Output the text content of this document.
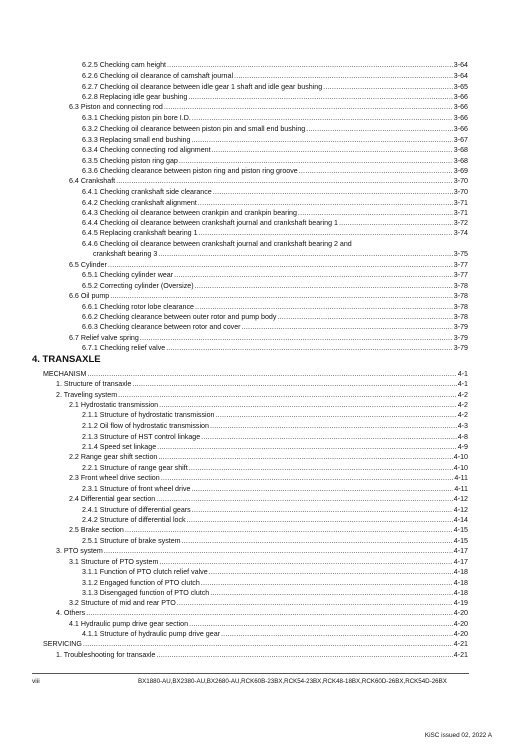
6.2.5 Checking cam height .....	3-64
6.2.6 Checking oil clearance of camshaft journal .....	3-64
6.2.7 Checking oil clearance between idle gear 1 shaft and idle gear bushing .....	3-65
6.2.8 Replacing idle gear bushing .....	3-66
6.3 Piston and connecting rod .....	3-66
6.3.1 Checking piston pin bore I.D. .....	3-66
6.3.2 Checking oil clearance between piston pin and small end bushing .....	3-66
6.3.3 Replacing small end bushing .....	3-67
6.3.4 Checking connecting rod alignment .....	3-68
6.3.5 Checking piston ring gap .....	3-68
6.3.6 Checking clearance between piston ring and piston ring groove .....	3-69
6.4 Crankshaft .....	3-70
6.4.1 Checking crankshaft side clearance .....	3-70
6.4.2 Checking crankshaft alignment .....	3-71
6.4.3 Checking oil clearance between crankpin and crankpin bearing .....	3-71
6.4.4 Checking oil clearance between crankshaft journal and crankshaft bearing 1 .....	3-72
6.4.5 Replacing crankshaft bearing 1 .....	3-74
6.4.6 Checking oil clearance between crankshaft journal and crankshaft bearing 2 and
crankshaft bearing 3 .....	3-75
6.5 Cylinder .....	3-77
6.5.1 Checking cylinder wear .....	3-77
6.5.2 Correcting cylinder (Oversize) .....	3-78
6.6 Oil pump .....	3-78
6.6.1 Checking rotor lobe clearance .....	3-78
6.6.2 Checking clearance between outer rotor and pump body .....	3-78
6.6.3 Checking clearance between rotor and cover .....	3-79
6.7 Relief valve spring .....	3-79
6.7.1 Checking relief valve .....	3-79
4. TRANSAXLE
MECHANISM .....	4-1
1. Structure of transaxle .....	4-1
2. Traveling system .....	4-2
2.1 Hydrostatic transmission .....	4-2
2.1.1 Structure of hydrostatic transmission .....	4-2
2.1.2 Oil flow of hydrostatic transmission .....	4-3
2.1.3 Structure of HST control linkage .....	4-8
2.1.4 Speed set linkage .....	4-9
2.2 Range gear shift section .....	4-10
2.2.1 Structure of range gear shift .....	4-10
2.3 Front wheel drive section .....	4-11
2.3.1 Structure of front wheel drive .....	4-11
2.4 Differential gear section .....	4-12
2.4.1 Structure of differential gears .....	4-12
2.4.2 Structure of differential lock .....	4-14
2.5 Brake section .....	4-15
2.5.1 Structure of brake system .....	4-15
3. PTO system .....	4-17
3.1 Structure of PTO system .....	4-17
3.1.1 Function of PTO clutch relief valve .....	4-18
3.1.2 Engaged function of PTO clutch .....	4-18
3.1.3 Disengaged function of PTO clutch .....	4-18
3.2 Structure of mid and rear PTO .....	4-19
4. Others .....	4-20
4.1 Hydraulic pump drive gear section .....	4-20
4.1.1 Structure of hydraulic pump drive gear .....	4-20
SERVICING .....	4-21
1. Troubleshooting for transaxle .....	4-21
viii	BX1880-AU,BX2380-AU,BX2680-AU,RCK60B-23BX,RCK54-23BX,RCK48-18BX,RCK60D-26BX,RCK54D-26BX
KiSC issued 02, 2022 A
